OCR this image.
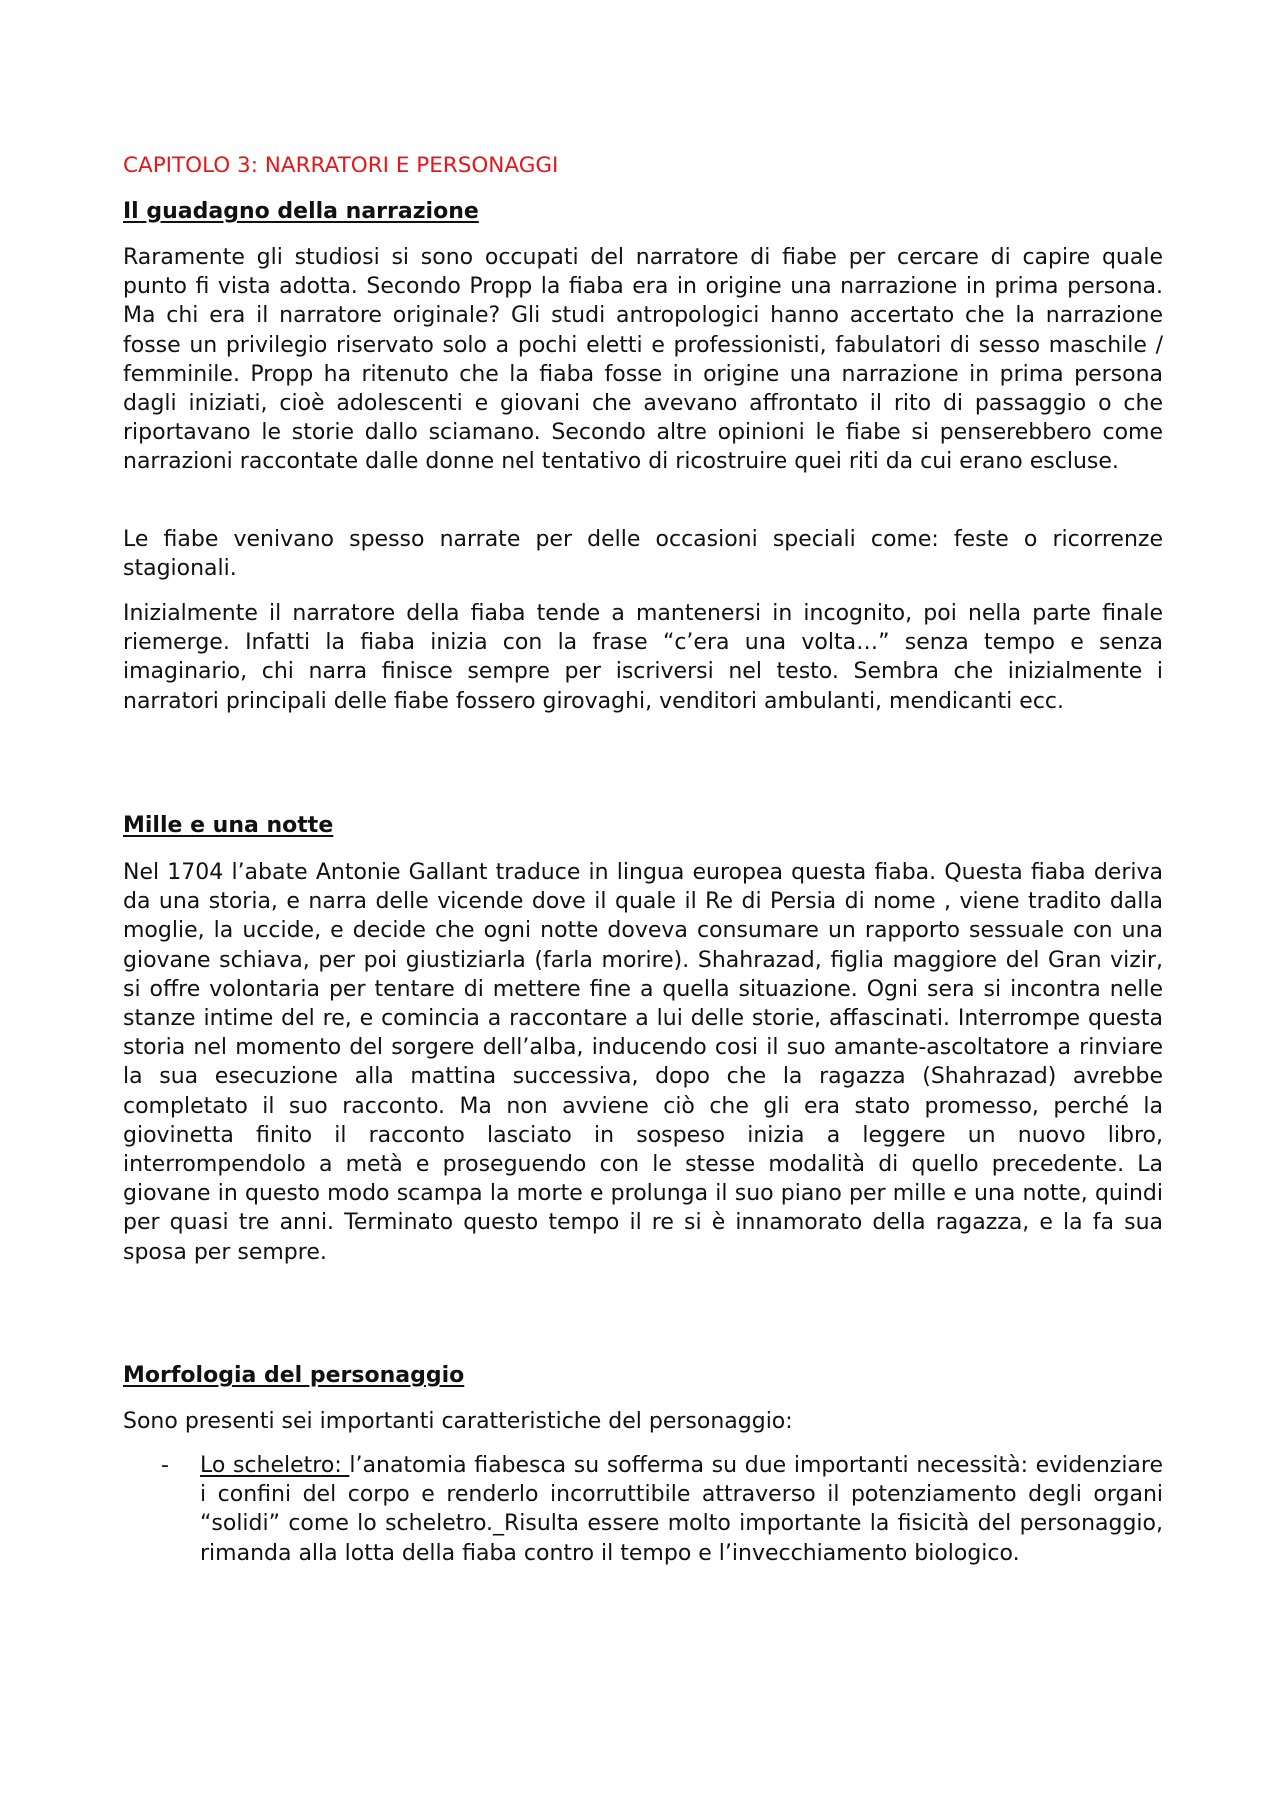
CAPITOLO 3: NARRATORI E PERSONAGGI
Il guadagno della narrazione

Raramente gli studiosi si sono occupati del narratore di fiabe per cercare di capire quale punto fi vista adotta. Secondo Propp la fiaba era in origine una narrazione in prima persona. Ma chi era il narratore originale? Gli studi antropologici hanno accertato che la narrazione fosse un privilegio riservato solo a pochi eletti e professionisti, fabulatori di sesso maschile / femminile. Propp ha ritenuto che la fiaba fosse in origine una narrazione in prima persona dagli iniziati, cioè adolescenti e giovani che avevano affrontato il rito di passaggio o che riportavano le storie dallo sciamano. Secondo altre opinioni le fiabe si penserebbero come narrazioni raccontate dalle donne nel tentativo di ricostruire quei riti da cui erano escluse.

Le fiabe venivano spesso narrate per delle occasioni speciali come: feste o ricorrenze stagionali.

Inizialmente il narratore della fiaba tende a mantenersi in incognito, poi nella parte finale riemerge. Infatti la fiaba inizia con la frase “c’era una volta…” senza tempo e senza imaginario, chi narra finisce sempre per iscriversi nel testo. Sembra che inizialmente i narratori principali delle fiabe fossero girovaghi, venditori ambulanti, mendicanti ecc.

Mille e una notte

Nel 1704 l’abate Antonie Gallant traduce in lingua europea questa fiaba. Questa fiaba deriva da una storia, e narra delle vicende dove il quale il Re di Persia di nome , viene tradito dalla moglie, la uccide, e decide che ogni notte doveva consumare un rapporto sessuale con una giovane schiava, per poi giustiziarla (farla morire). Shahrazad, figlia maggiore del Gran vizir, si offre volontaria per tentare di mettere fine a quella situazione. Ogni sera si incontra nelle stanze intime del re, e comincia a raccontare a lui delle storie, affascinati. Interrompe questa storia nel momento del sorgere dell’alba, inducendo cosi il suo amante-ascoltatore a rinviare la sua esecuzione alla mattina successiva, dopo che la ragazza (Shahrazad) avrebbe completato il suo racconto. Ma non avviene ciò che gli era stato promesso, perché la giovinetta finito il racconto lasciato in sospeso inizia a leggere un nuovo libro, interrompendolo a metà e proseguendo con le stesse modalità di quello precedente. La giovane in questo modo scampa la morte e prolunga il suo piano per mille e una notte, quindi per quasi tre anni. Terminato questo tempo il re si è innamorato della ragazza, e la fa sua sposa per sempre.

Morfologia del personaggio

Sono presenti sei importanti caratteristiche del personaggio:

- Lo scheletro: l’anatomia fiabesca su sofferma su due importanti necessità: evidenziare i confini del corpo e renderlo incorruttibile attraverso il potenziamento degli organi “solidi” come lo scheletro._Risulta essere molto importante la fisicità del personaggio, rimanda alla lotta della fiaba contro il tempo e l’invecchiamento biologico.
